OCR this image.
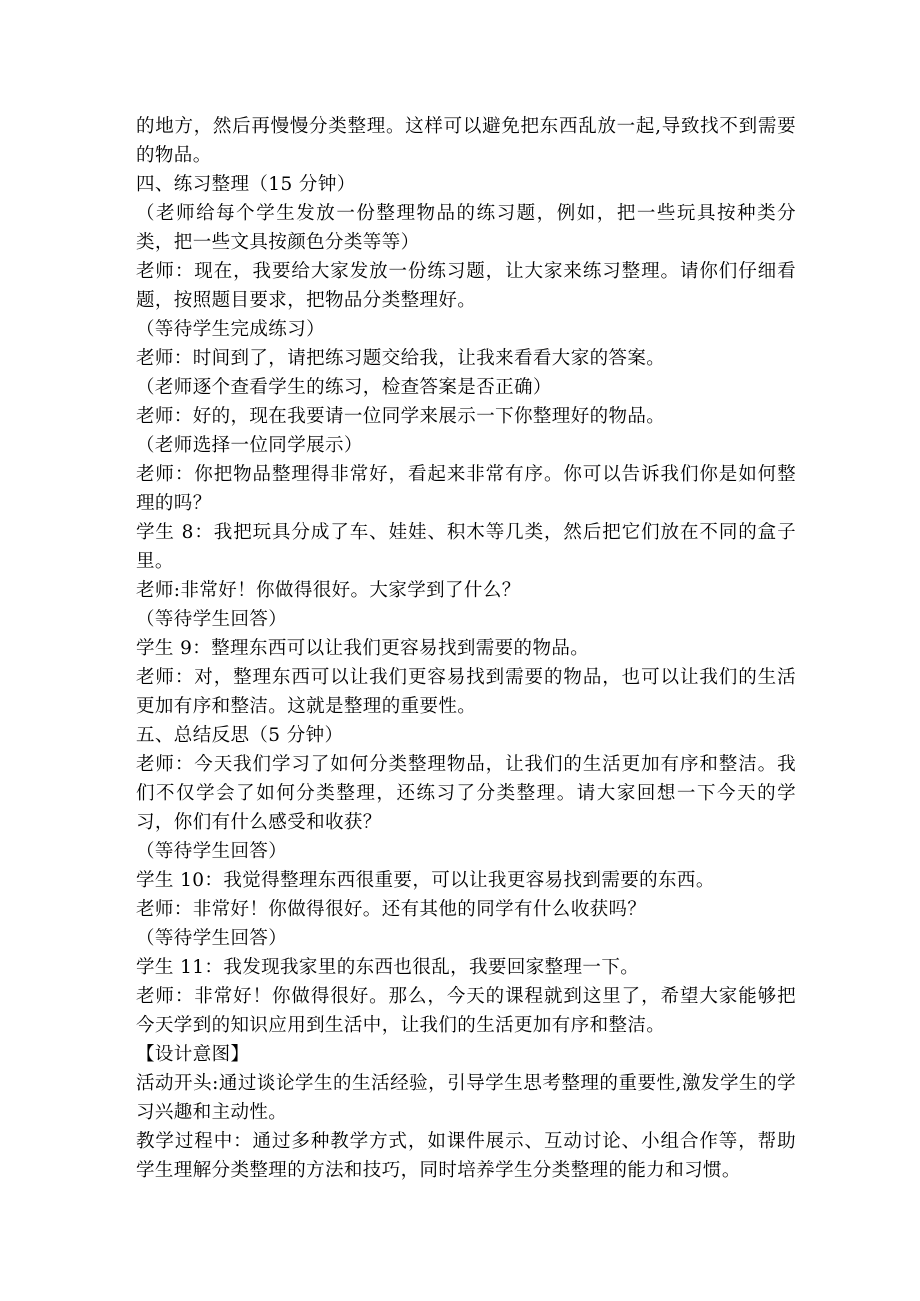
的地方，然后再慢慢分类整理。这样可以避免把东西乱放一起,导致找不到需要的物品。

四、练习整理（15 分钟）

（老师给每个学生发放一份整理物品的练习题，例如，把一些玩具按种类分类，把一些文具按颜色分类等等）

老师：现在，我要给大家发放一份练习题，让大家来练习整理。请你们仔细看题，按照题目要求，把物品分类整理好。

（等待学生完成练习）

老师：时间到了，请把练习题交给我，让我来看看大家的答案。

（老师逐个查看学生的练习，检查答案是否正确）

老师：好的，现在我要请一位同学来展示一下你整理好的物品。

（老师选择一位同学展示）

老师：你把物品整理得非常好，看起来非常有序。你可以告诉我们你是如何整理的吗？

学生 8：我把玩具分成了车、娃娃、积木等几类，然后把它们放在不同的盒子里。

老师:非常好！你做得很好。大家学到了什么？

（等待学生回答）

学生 9：整理东西可以让我们更容易找到需要的物品。

老师：对，整理东西可以让我们更容易找到需要的物品，也可以让我们的生活更加有序和整洁。这就是整理的重要性。

五、总结反思（5 分钟）

老师：今天我们学习了如何分类整理物品，让我们的生活更加有序和整洁。我们不仅学会了如何分类整理，还练习了分类整理。请大家回想一下今天的学习，你们有什么感受和收获？

（等待学生回答）

学生 10：我觉得整理东西很重要，可以让我更容易找到需要的东西。

老师：非常好！你做得很好。还有其他的同学有什么收获吗？

（等待学生回答）

学生 11：我发现我家里的东西也很乱，我要回家整理一下。

老师：非常好！你做得很好。那么，今天的课程就到这里了，希望大家能够把今天学到的知识应用到生活中，让我们的生活更加有序和整洁。

【设计意图】

活动开头:通过谈论学生的生活经验，引导学生思考整理的重要性,激发学生的学习兴趣和主动性。

教学过程中：通过多种教学方式，如课件展示、互动讨论、小组合作等，帮助学生理解分类整理的方法和技巧，同时培养学生分类整理的能力和习惯。
